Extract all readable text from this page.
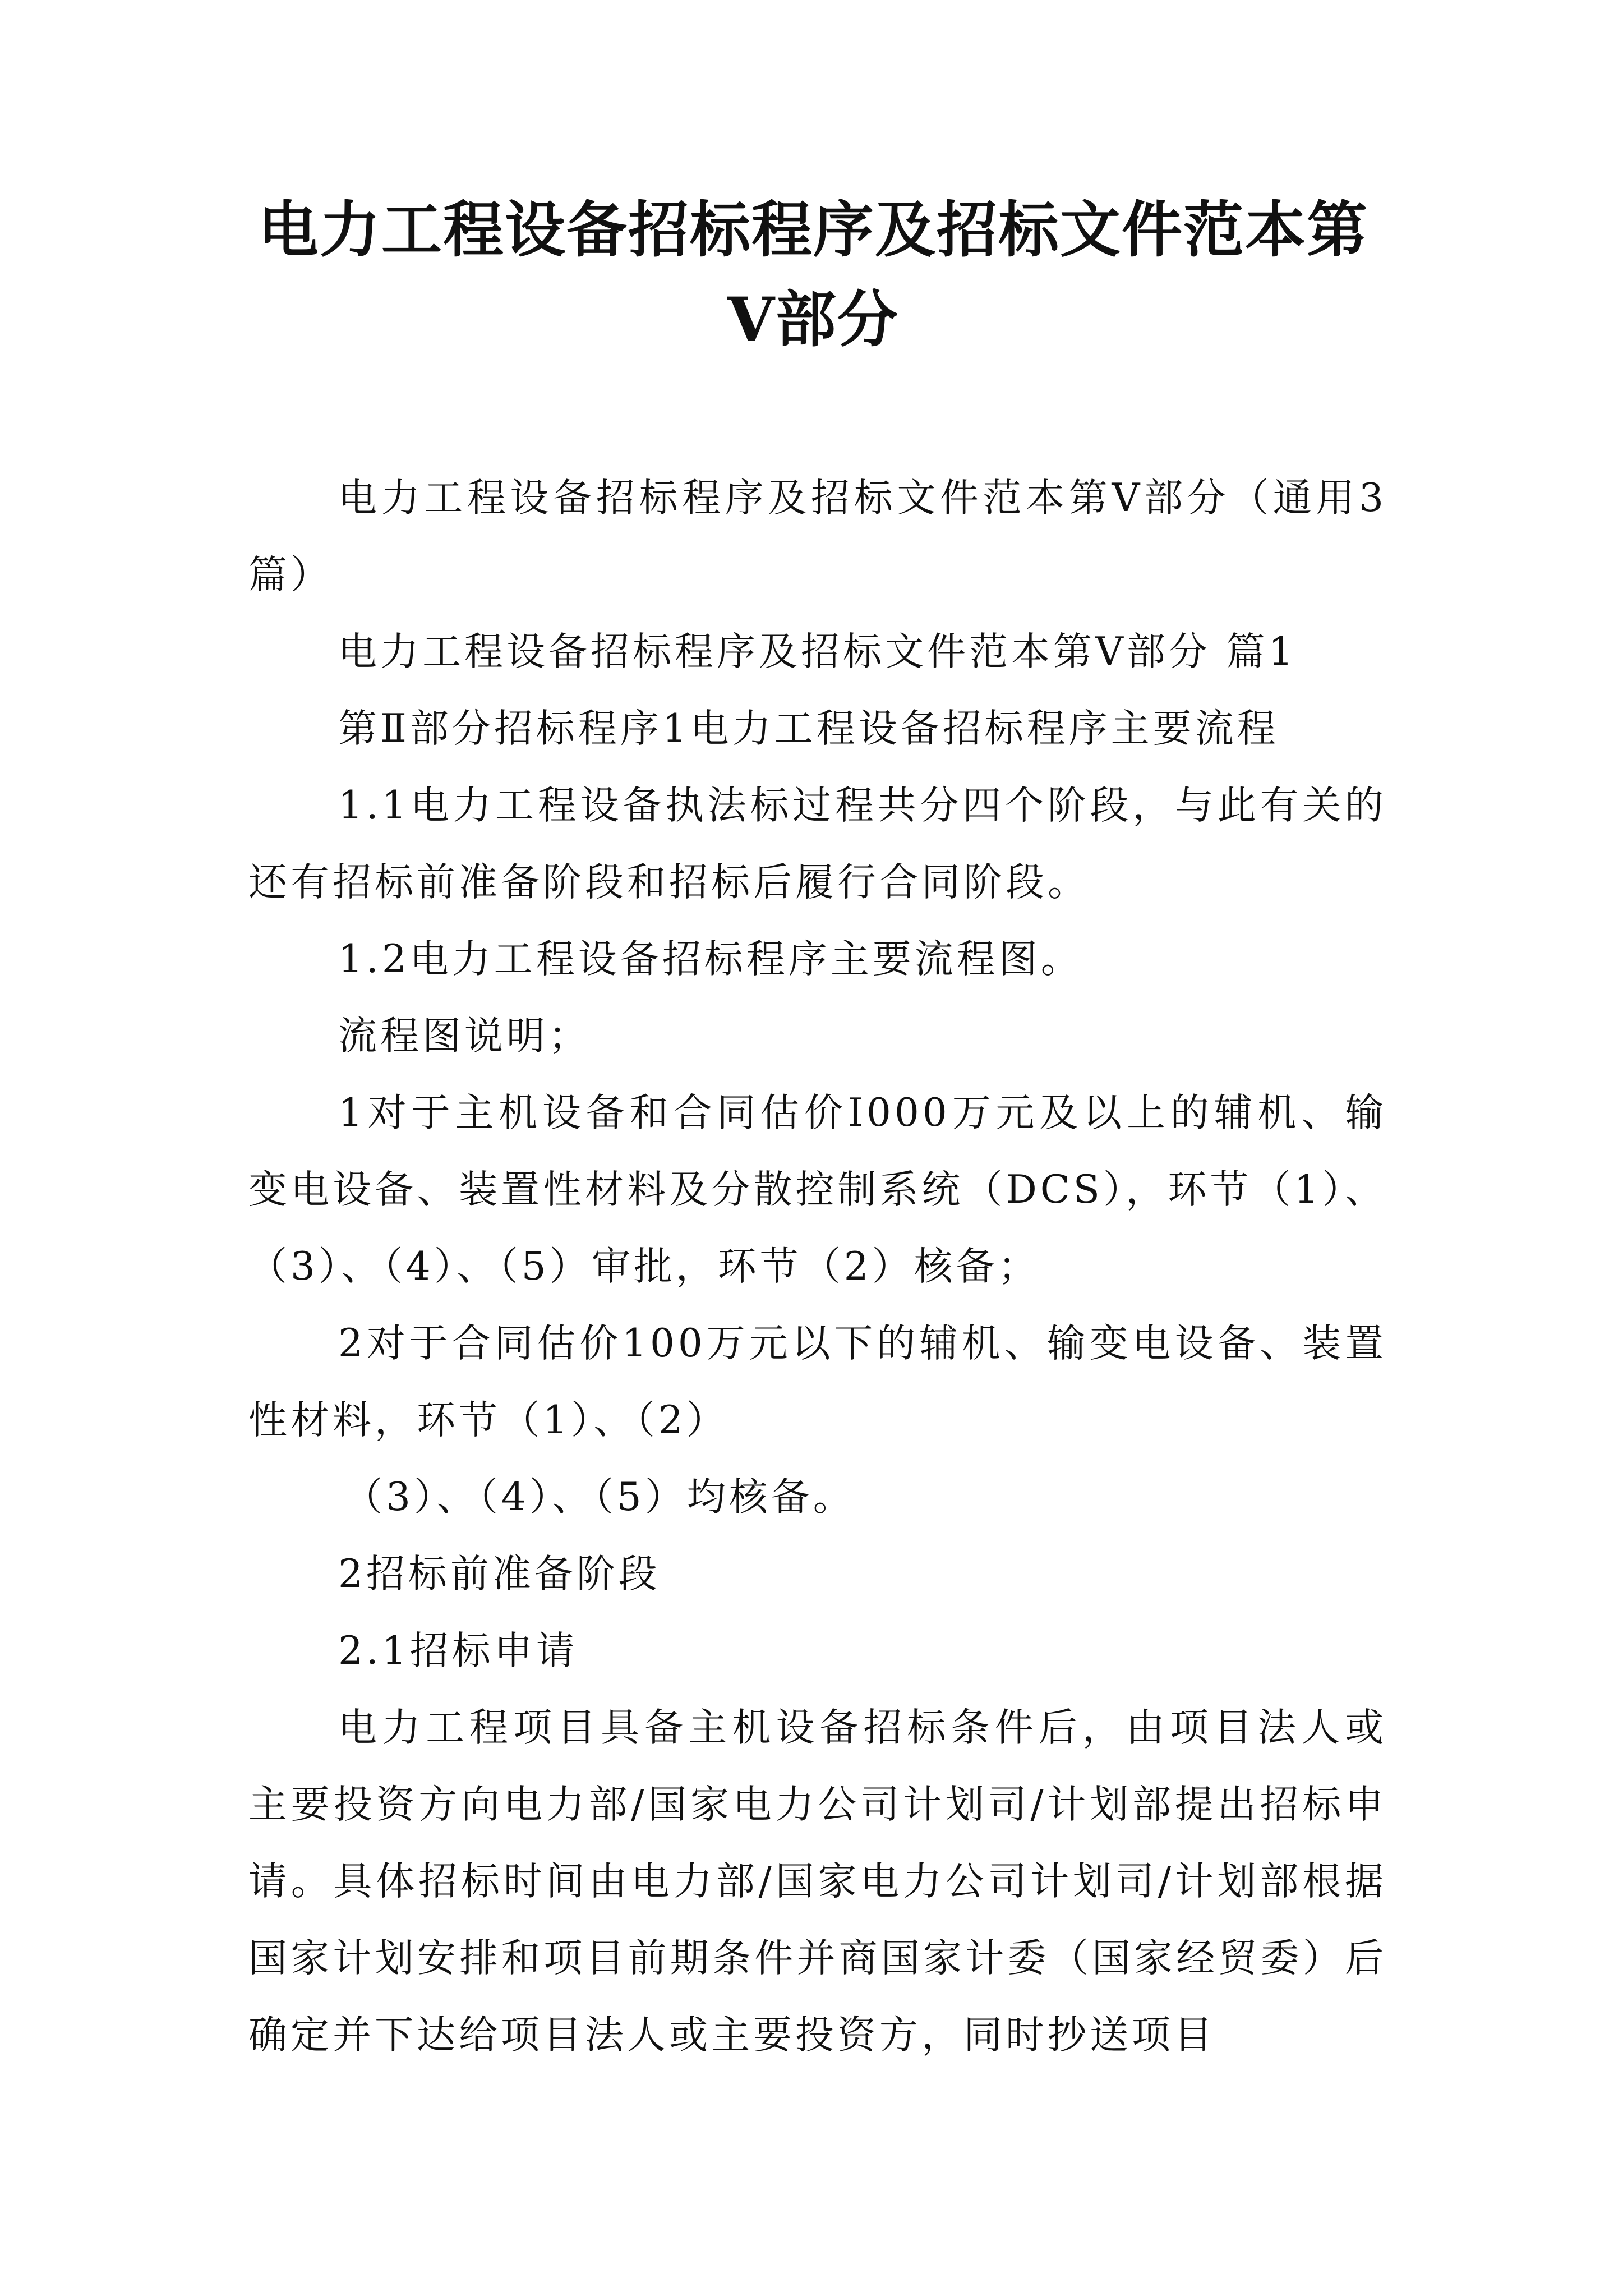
电力工程设备招标程序及招标文件范本第
Ⅴ部分

电力工程设备招标程序及招标文件范本第Ⅴ部分（通用3篇）

电力工程设备招标程序及招标文件范本第Ⅴ部分 篇1

第Ⅱ部分招标程序1电力工程设备招标程序主要流程

1.1电力工程设备执法标过程共分四个阶段，与此有关的还有招标前准备阶段和招标后履行合同阶段。

1.2电力工程设备招标程序主要流程图。

流程图说明；

1对于主机设备和合同估价I000万元及以上的辅机、输变电设备、装置性材料及分散控制系统（DCS），环节（1）、（3）、（4）、（5）审批，环节（2）核备；

2对于合同估价100万元以下的辅机、输变电设备、装置性材料，环节（1）、（2）

（3）、（4）、（5）均核备。

2招标前准备阶段

2.1招标申请

电力工程项目具备主机设备招标条件后，由项目法人或主要投资方向电力部/国家电力公司计划司/计划部提出招标申请。具体招标时间由电力部/国家电力公司计划司/计划部根据国家计划安排和项目前期条件并商国家计委（国家经贸委）后确定并下达给项目法人或主要投资方，同时抄送项目
